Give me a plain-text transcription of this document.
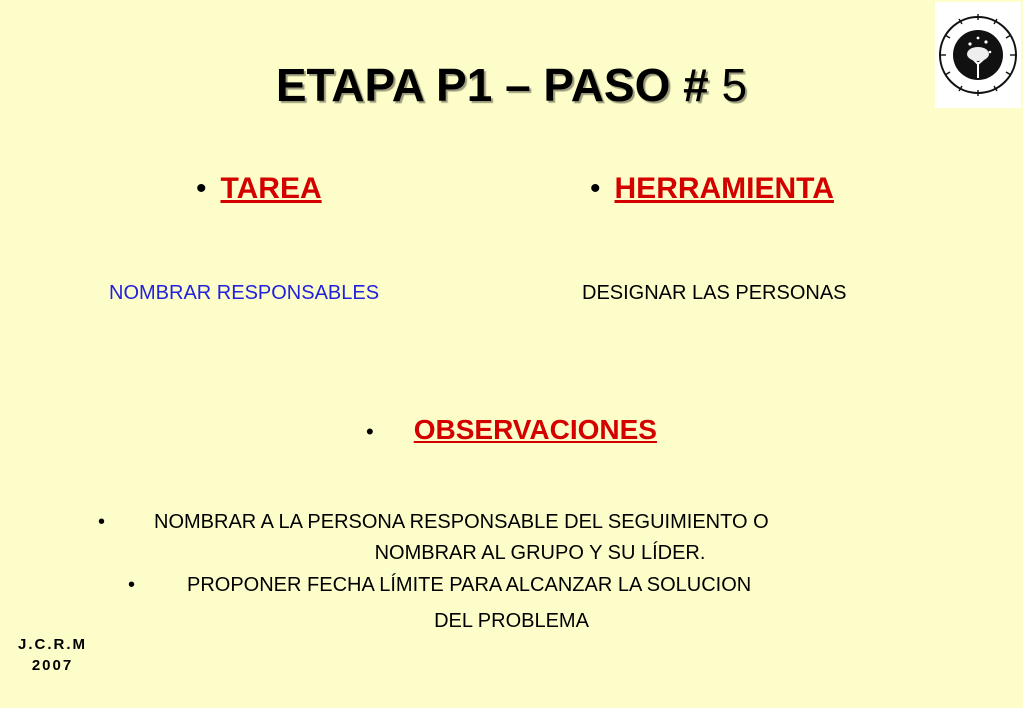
ETAPA P1 – PASO # 5
• TAREA	• HERRAMIENTA
NOMBRAR RESPONSABLES	DESIGNAR LAS PERSONAS
• OBSERVACIONES
• NOMBRAR A LA PERSONA RESPONSABLE DEL SEGUIMIENTO O
NOMBRAR AL GRUPO Y SU LÍDER.
•	PROPONER FECHA LÍMITE PARA ALCANZAR LA SOLUCION
DEL PROBLEMA
J.C.R.M
2007
